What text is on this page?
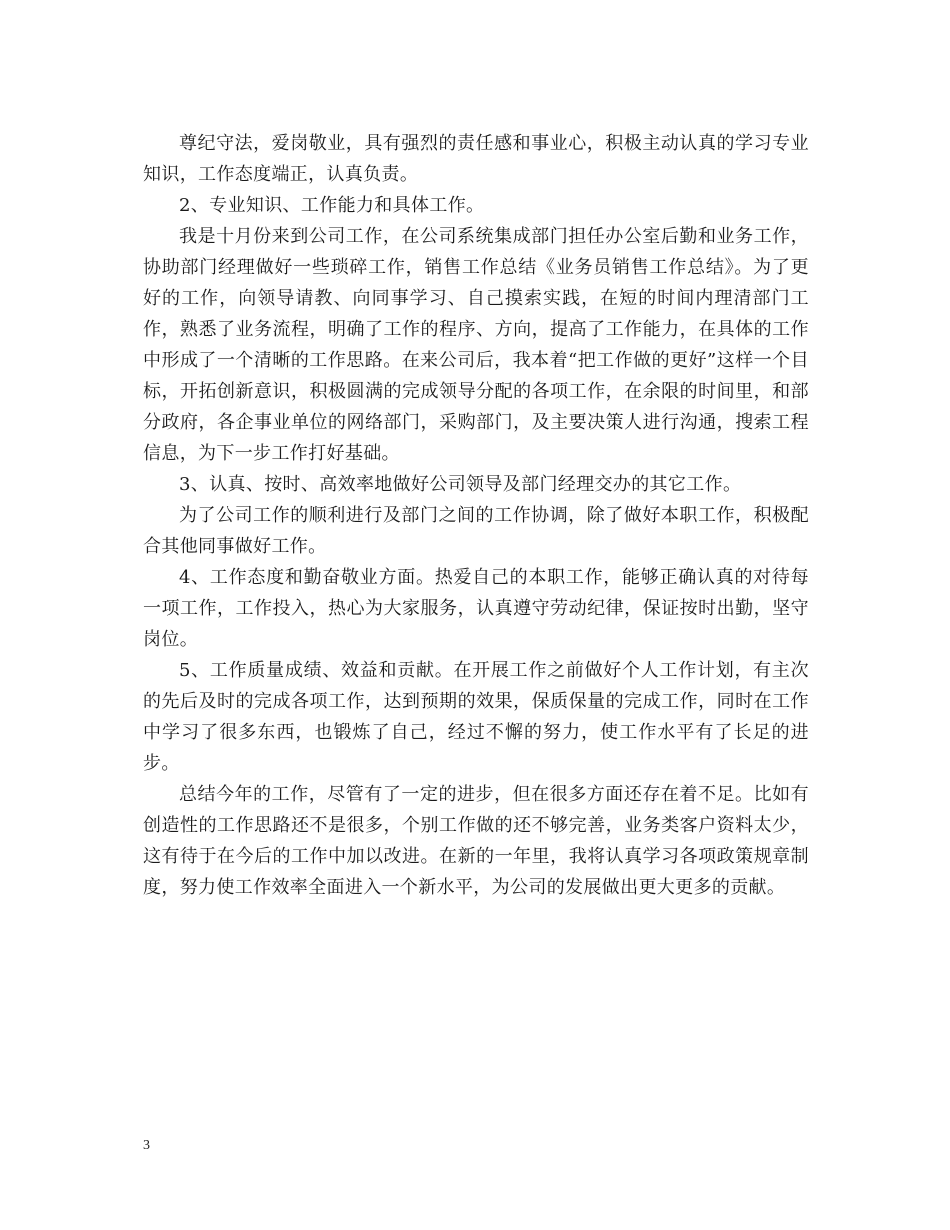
尊纪守法，爱岗敬业，具有强烈的责任感和事业心，积极主动认真的学习专业知识，工作态度端正，认真负责。

2、专业知识、工作能力和具体工作。

我是十月份来到公司工作，在公司系统集成部门担任办公室后勤和业务工作，协助部门经理做好一些琐碎工作，销售工作总结《业务员销售工作总结》。为了更好的工作，向领导请教、向同事学习、自己摸索实践，在短的时间内理清部门工作，熟悉了业务流程，明确了工作的程序、方向，提高了工作能力，在具体的工作中形成了一个清晰的工作思路。在来公司后，我本着“把工作做的更好”这样一个目标，开拓创新意识，积极圆满的完成领导分配的各项工作，在余限的时间里，和部分政府，各企事业单位的网络部门，采购部门，及主要决策人进行沟通，搜索工程信息，为下一步工作打好基础。

3、认真、按时、高效率地做好公司领导及部门经理交办的其它工作。

为了公司工作的顺利进行及部门之间的工作协调，除了做好本职工作，积极配合其他同事做好工作。

4、工作态度和勤奋敬业方面。热爱自己的本职工作，能够正确认真的对待每一项工作，工作投入，热心为大家服务，认真遵守劳动纪律，保证按时出勤，坚守岗位。

5、工作质量成绩、效益和贡献。在开展工作之前做好个人工作计划，有主次的先后及时的完成各项工作，达到预期的效果，保质保量的完成工作，同时在工作中学习了很多东西，也锻炼了自己，经过不懈的努力，使工作水平有了长足的进步。

总结今年的工作，尽管有了一定的进步，但在很多方面还存在着不足。比如有创造性的工作思路还不是很多，个别工作做的还不够完善，业务类客户资料太少，这有待于在今后的工作中加以改进。在新的一年里，我将认真学习各项政策规章制度，努力使工作效率全面进入一个新水平，为公司的发展做出更大更多的贡献。

3
